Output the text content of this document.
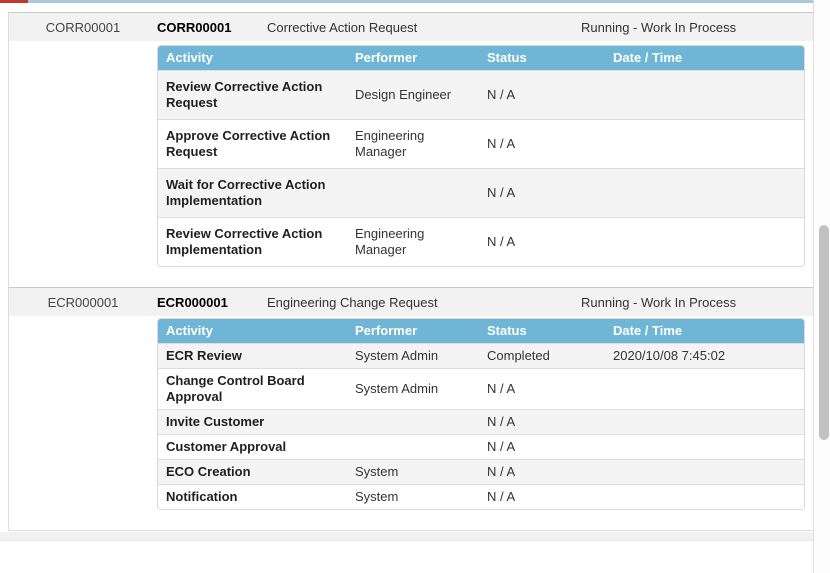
CORR00001	CORR00001	Corrective Action Request	Running - Work In Process
Activity	Performer	Status	Date / Time
Review Corrective Action Request	Design Engineer	N / A	
Approve Corrective Action Request	Engineering Manager	N / A	
Wait for Corrective Action Implementation		N / A	
Review Corrective Action Implementation	Engineering Manager	N / A	
ECR000001	ECR000001	Engineering Change Request	Running - Work In Process
Activity	Performer	Status	Date / Time
ECR Review	System Admin	Completed	2020/10/08 7:45:02
Change Control Board Approval	System Admin	N / A	
Invite Customer		N / A	
Customer Approval		N / A	
ECO Creation	System	N / A	
Notification	System	N / A	
